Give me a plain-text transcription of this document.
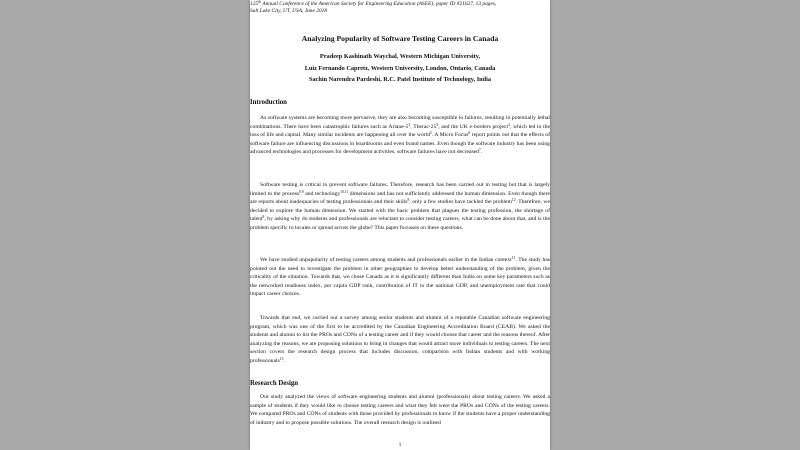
125th Annual Conference of the American Society for Engineering Education (ASEE), paper ID #21627, 13 pages,
Salt Lake City, UT, USA, June 2018
Analyzing Popularity of Software Testing Careers in Canada
Pradeep Kashinath Waychal, Western Michigan University,
Luiz Fernando Capretz, Western University, London, Ontario, Canada
Sachin Narendra Pardeshi, R.C. Patel Institute of Technology, India
Introduction
As software systems are becoming more pervasive, they are also becoming susceptible to failures, resulting in potentially lethal combinations. There have been catastrophic failures such as Ariane-$5^2$, Therac-$25^3$, and the UK e-borders project$^4$, which led to the loss of life and capital. Many similar incidents are happening all over the world$^5$. A Micro Focus$^6$ report points out that the effects of software failure are influencing discussions in boardrooms and even brand names. Even though the software industry has been using advanced technologies and processes for development activities, software failures have not decreased$^7$.
Software testing is critical to prevent software failures. Therefore, research has been carried out in testing but that is largely limited to the process$^{8,9}$ and technology$^{10,11}$ dimensions and has not sufficiently addressed the human dimension. Even though there are reports about inadequacies of testing professionals and their skills$^8$, only a few studies have tackled the problem$^{12}$. Therefore, we decided to explore the human dimension. We started with the basic problem that plagues the testing profession, the shortage of talent$^8$, by asking why do students and professionals are reluctant to consider testing careers, what can be done about that, and is the problem specific to locales or spread across the globe? This paper focusses on these questions.
We have studied unpopularity of testing careers among students and professionals earlier in the Indian context$^{13}$. The study has pointed out the need to investigate the problem in other geographies to develop better understanding of the problem, given the criticality of the situation. Towards that, we chose Canada as it is significantly different than India on some key parameters such as the networked readiness index, per capita GDP rank, contribution of IT to the national GDP, and unemployment rate that could impact career choices.
Towards that end, we carried out a survey among senior students and alumni of a reputable Canadian software engineering program, which was one of the first to be accredited by the Canadian Engineering Accreditation Board (CEAB). We asked the students and alumni to list the PROs and CONs of a testing career and if they would choose that career and the reasons thereof. After analyzing the reasons, we are proposing solutions to bring in changes that would attract more individuals to testing careers. The next section covers the research design process that includes discussion, comparison with Indian students and with working professionals$^{13}$.
Research Design
Our study analyzed the views of software engineering students and alumni (professionals) about testing careers. We asked a sample of students if they would like to choose testing careers and what they felt were the PROs and CONs of the testing careers. We compared PROs and CONs of students with those provided by professionals to know if the students have a proper understanding of industry and to propose possible solutions. The overall research design is outlined
1
